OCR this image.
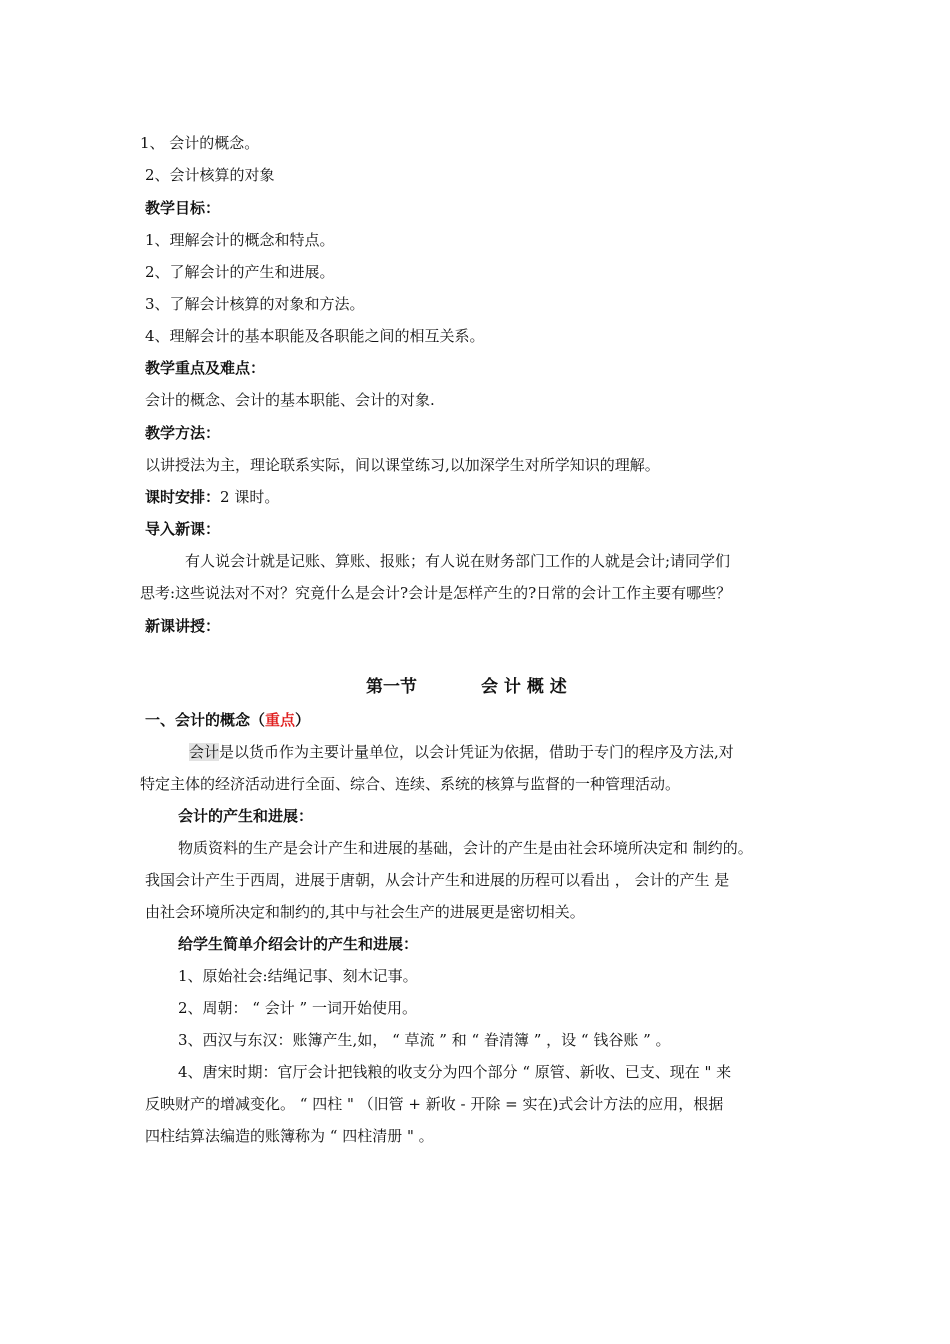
1、 会计的概念。
2、会计核算的对象
教学目标：
1、理解会计的概念和特点。
2、了解会计的产生和进展。
3、了解会计核算的对象和方法。
4、理解会计的基本职能及各职能之间的相互关系。
教学重点及难点：
会计的概念、会计的基本职能、会计的对象.
教学方法：
以讲授法为主，理论联系实际，间以课堂练习,以加深学生对所学知识的理解。
课时安排：2 课时。
导入新课：
有人说会计就是记账、算账、报账；有人说在财务部门工作的人就是会计;请同学们
思考:这些说法对不对？究竟什么是会计?会计是怎样产生的?日常的会计工作主要有哪些？
新课讲授：
第一节	会 计 概 述
一、会计的概念（重点）
会计是以货币作为主要计量单位，以会计凭证为依据，借助于专门的程序及方法,对
特定主体的经济活动进行全面、综合、连续、系统的核算与监督的一种管理活动。
会计的产生和进展：
物质资料的生产是会计产生和进展的基础，会计的产生是由社会环境所决定和 制约的。
我国会计产生于西周，进展于唐朝，从会计产生和进展的历程可以看出 ， 会计的产生 是
由社会环境所决定和制约的,其中与社会生产的进展更是密切相关。
给学生简单介绍会计的产生和进展：
1、原始社会:结绳记事、刻木记事。
2、周朝： “ 会计 ” 一词开始使用。
3、西汉与东汉：账簿产生,如， “ 草流 ” 和 “ 眷清簿 ” ，设 “ 钱谷账 ” 。
4、唐宋时期：官厅会计把钱粮的收支分为四个部分 “ 原管、新收、已支、现在 " 来
反映财产的增减变化。 “ 四柱 " （旧管 + 新收 - 开除 = 实在)式会计方法的应用，根据
四柱结算法编造的账簿称为 “ 四柱清册 " 。
